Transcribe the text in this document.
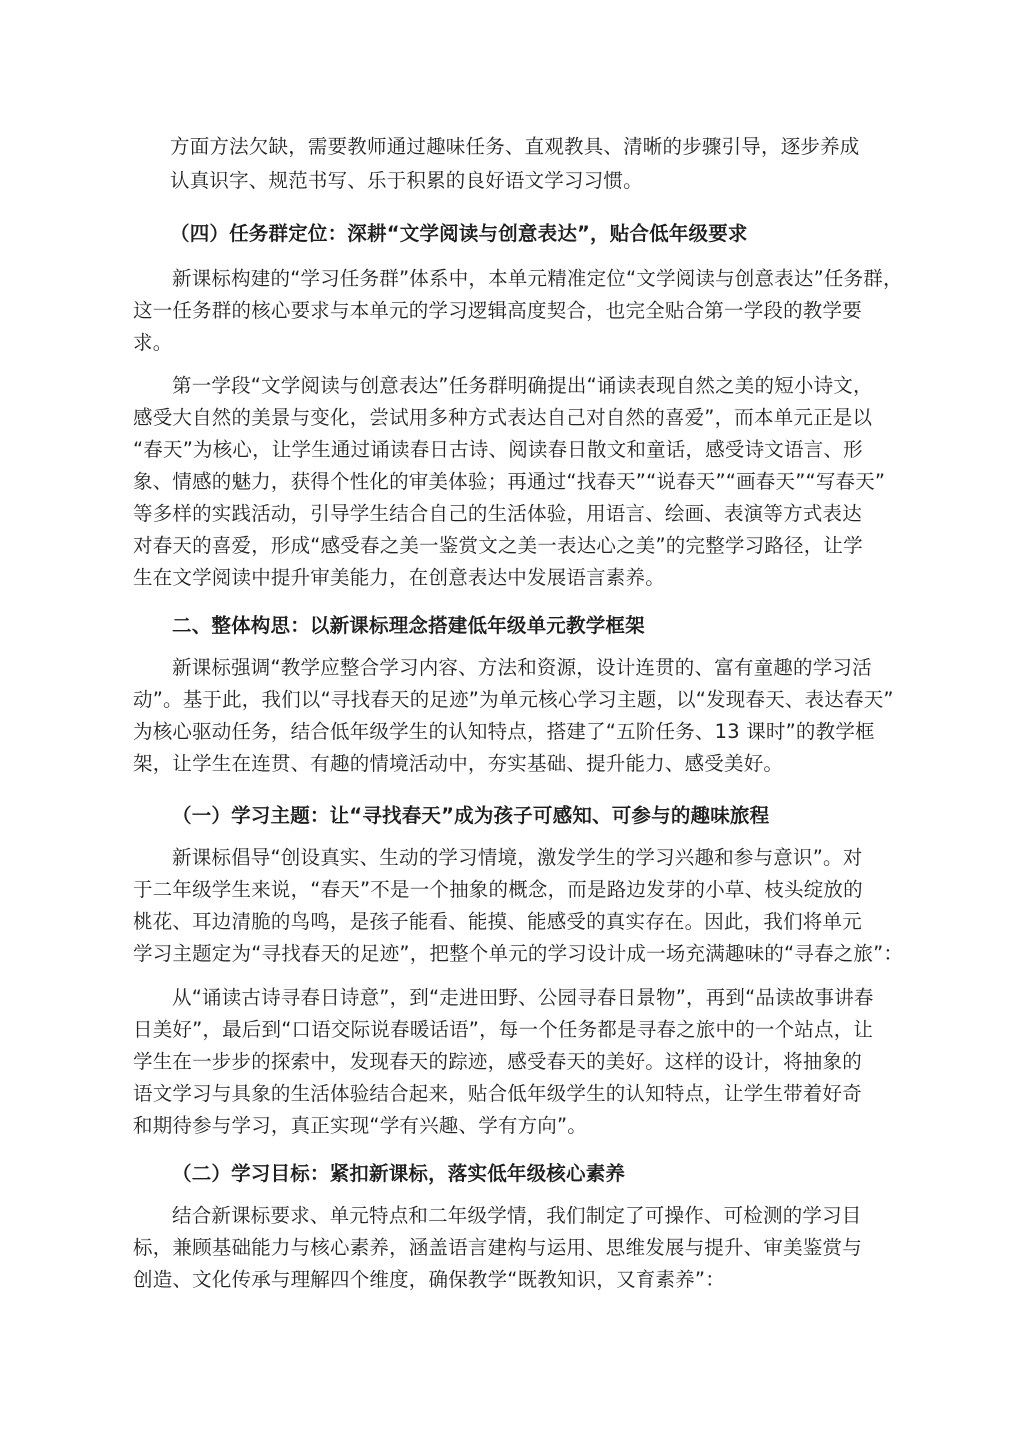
方面方法欠缺，需要教师通过趣味任务、直观教具、清晰的步骤引导，逐步养成
认真识字、规范书写、乐于积累的良好语文学习习惯。
（四）任务群定位：深耕“文学阅读与创意表达”，贴合低年级要求
新课标构建的“学习任务群”体系中，本单元精准定位“文学阅读与创意表达”任务群，
这一任务群的核心要求与本单元的学习逻辑高度契合，也完全贴合第一学段的教学要
求。
第一学段“文学阅读与创意表达”任务群明确提出“诵读表现自然之美的短小诗文，
感受大自然的美景与变化，尝试用多种方式表达自己对自然的喜爱”，而本单元正是以
“春天”为核心，让学生通过诵读春日古诗、阅读春日散文和童话，感受诗文语言、形
象、情感的魅力，获得个性化的审美体验；再通过“找春天”“说春天”“画春天”“写春天”
等多样的实践活动，引导学生结合自己的生活体验，用语言、绘画、表演等方式表达
对春天的喜爱，形成“感受春之美一鉴赏文之美一表达心之美”的完整学习路径，让学
生在文学阅读中提升审美能力，在创意表达中发展语言素养。
二、整体构思：以新课标理念搭建低年级单元教学框架
新课标强调“教学应整合学习内容、方法和资源，设计连贯的、富有童趣的学习活
动”。基于此，我们以“寻找春天的足迹”为单元核心学习主题，以“发现春天、表达春天”
为核心驱动任务，结合低年级学生的认知特点，搭建了“五阶任务、13 课时”的教学框
架，让学生在连贯、有趣的情境活动中，夯实基础、提升能力、感受美好。
（一）学习主题：让“寻找春天”成为孩子可感知、可参与的趣味旅程
新课标倡导“创设真实、生动的学习情境，激发学生的学习兴趣和参与意识”。对
于二年级学生来说，“春天”不是一个抽象的概念，而是路边发芽的小草、枝头绽放的
桃花、耳边清脆的鸟鸣，是孩子能看、能摸、能感受的真实存在。因此，我们将单元
学习主题定为“寻找春天的足迹”，把整个单元的学习设计成一场充满趣味的“寻春之旅”：
从“诵读古诗寻春日诗意”，到“走进田野、公园寻春日景物”，再到“品读故事讲春
日美好”，最后到“口语交际说春暖话语”，每一个任务都是寻春之旅中的一个站点，让
学生在一步步的探索中，发现春天的踪迹，感受春天的美好。这样的设计，将抽象的
语文学习与具象的生活体验结合起来，贴合低年级学生的认知特点，让学生带着好奇
和期待参与学习，真正实现“学有兴趣、学有方向”。
（二）学习目标：紧扣新课标，落实低年级核心素养
结合新课标要求、单元特点和二年级学情，我们制定了可操作、可检测的学习目
标，兼顾基础能力与核心素养，涵盖语言建构与运用、思维发展与提升、审美鉴赏与
创造、文化传承与理解四个维度，确保教学“既教知识，又育素养”：
